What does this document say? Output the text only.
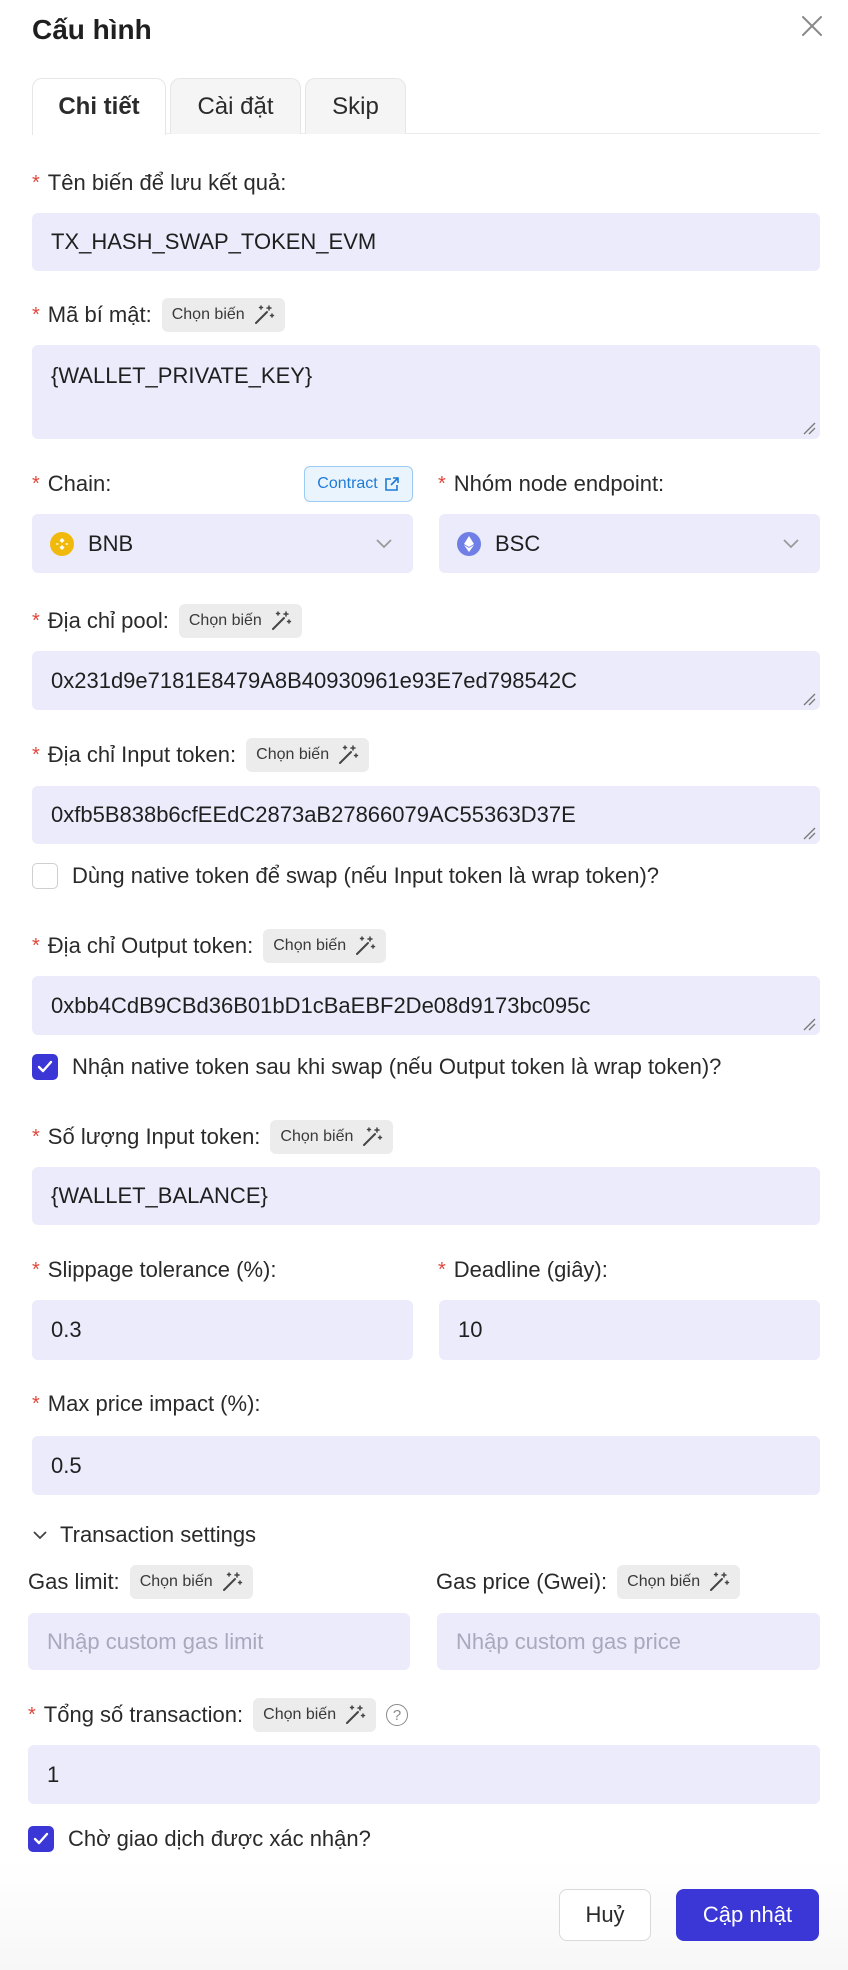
Cấu hình
Chi tiết	Cài đặt	Skip
* Tên biến để lưu kết quả:
TX_HASH_SWAP_TOKEN_EVM
* Mã bí mật: Chọn biến
{WALLET_PRIVATE_KEY}
* Chain:	Contract
BNB
* Nhóm node endpoint:
BSC
* Địa chỉ pool: Chọn biến
0x231d9e7181E8479A8B40930961e93E7ed798542C
* Địa chỉ Input token: Chọn biến
0xfb5B838b6cfEEdC2873aB27866079AC55363D37E
Dùng native token để swap (nếu Input token là wrap token)?
* Địa chỉ Output token: Chọn biến
0xbb4CdB9CBd36B01bD1cBaEBF2De08d9173bc095c
Nhận native token sau khi swap (nếu Output token là wrap token)?
* Số lượng Input token: Chọn biến
{WALLET_BALANCE}
* Slippage tolerance (%):
0.3
* Deadline (giây):
10
* Max price impact (%):
0.5
Transaction settings
Gas limit: Chọn biến
Nhập custom gas limit
Gas price (Gwei): Chọn biến
Nhập custom gas price
* Tổng số transaction: Chọn biến	?
1
Chờ giao dịch được xác nhận?
Huỷ	Cập nhật
